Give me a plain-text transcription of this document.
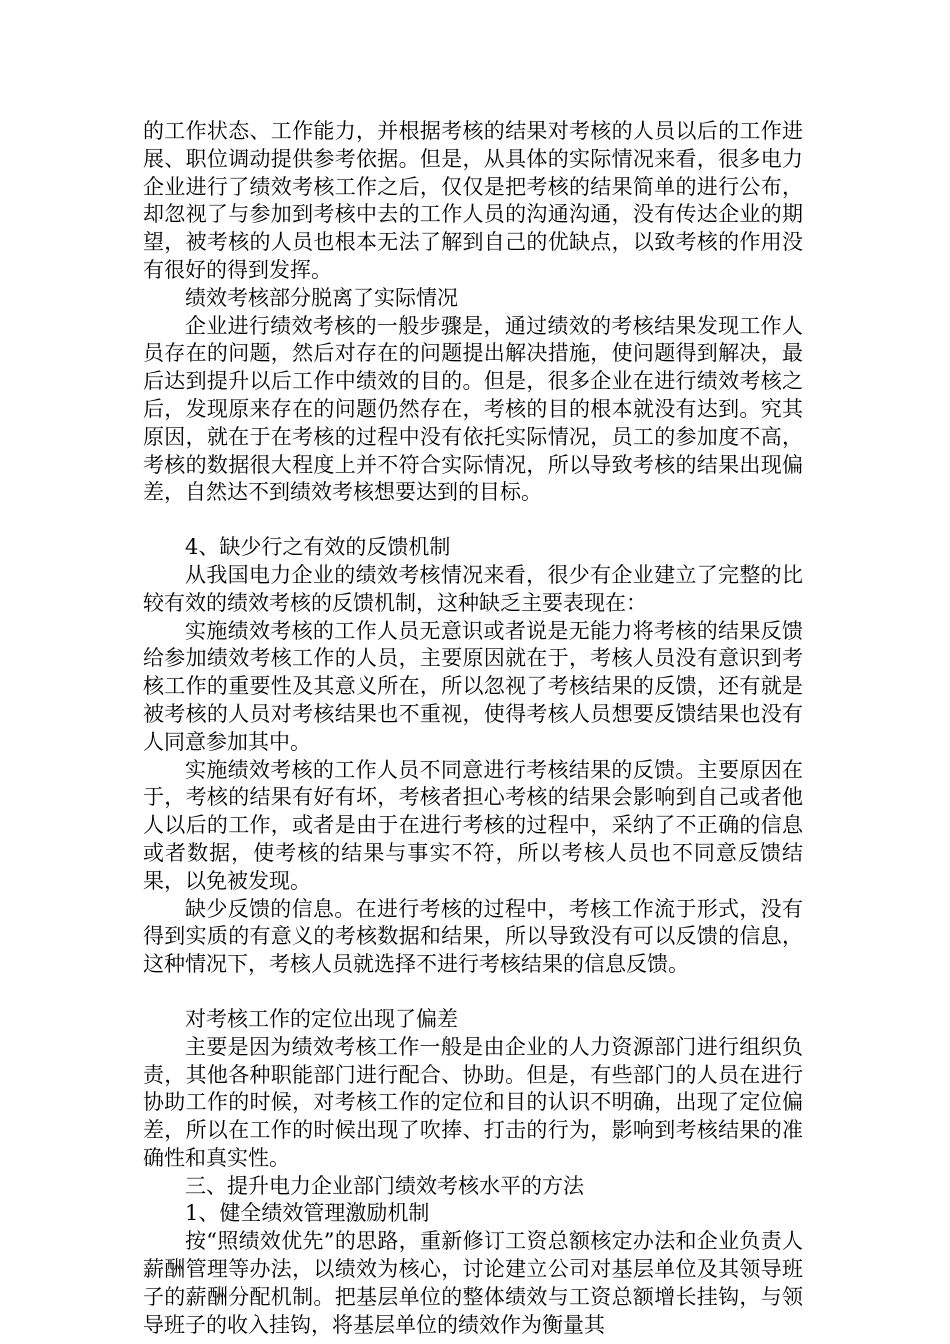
的工作状态、工作能力，并根据考核的结果对考核的人员以后的工作进展、职位调动提供参考依据。但是，从具体的实际情况来看，很多电力企业进行了绩效考核工作之后，仅仅是把考核的结果简单的进行公布，却忽视了与参加到考核中去的工作人员的沟通沟通，没有传达企业的期望，被考核的人员也根本无法了解到自己的优缺点，以致考核的作用没有很好的得到发挥。

绩效考核部分脱离了实际情况

企业进行绩效考核的一般步骤是，通过绩效的考核结果发现工作人员存在的问题，然后对存在的问题提出解决措施，使问题得到解决，最后达到提升以后工作中绩效的目的。但是，很多企业在进行绩效考核之后，发现原来存在的问题仍然存在，考核的目的根本就没有达到。究其原因，就在于在考核的过程中没有依托实际情况，员工的参加度不高，考核的数据很大程度上并不符合实际情况，所以导致考核的结果出现偏差，自然达不到绩效考核想要达到的目标。

4、缺少行之有效的反馈机制

从我国电力企业的绩效考核情况来看，很少有企业建立了完整的比较有效的绩效考核的反馈机制，这种缺乏主要表现在：

实施绩效考核的工作人员无意识或者说是无能力将考核的结果反馈给参加绩效考核工作的人员，主要原因就在于，考核人员没有意识到考核工作的重要性及其意义所在，所以忽视了考核结果的反馈，还有就是被考核的人员对考核结果也不重视，使得考核人员想要反馈结果也没有人同意参加其中。

实施绩效考核的工作人员不同意进行考核结果的反馈。主要原因在于，考核的结果有好有坏，考核者担心考核的结果会影响到自己或者他人以后的工作，或者是由于在进行考核的过程中，采纳了不正确的信息或者数据，使考核的结果与事实不符，所以考核人员也不同意反馈结果，以免被发现。

缺少反馈的信息。在进行考核的过程中，考核工作流于形式，没有得到实质的有意义的考核数据和结果，所以导致没有可以反馈的信息，这种情况下，考核人员就选择不进行考核结果的信息反馈。

对考核工作的定位出现了偏差

主要是因为绩效考核工作一般是由企业的人力资源部门进行组织负责，其他各种职能部门进行配合、协助。但是，有些部门的人员在进行协助工作的时候，对考核工作的定位和目的认识不明确，出现了定位偏差，所以在工作的时候出现了吹捧、打击的行为，影响到考核结果的准确性和真实性。

三、提升电力企业部门绩效考核水平的方法

1、健全绩效管理激励机制

按“照绩效优先”的思路，重新修订工资总额核定办法和企业负责人薪酬管理等办法，以绩效为核心，讨论建立公司对基层单位及其领导班子的薪酬分配机制。把基层单位的整体绩效与工资总额增长挂钩，与领导班子的收入挂钩，将基层单位的绩效作为衡量其
